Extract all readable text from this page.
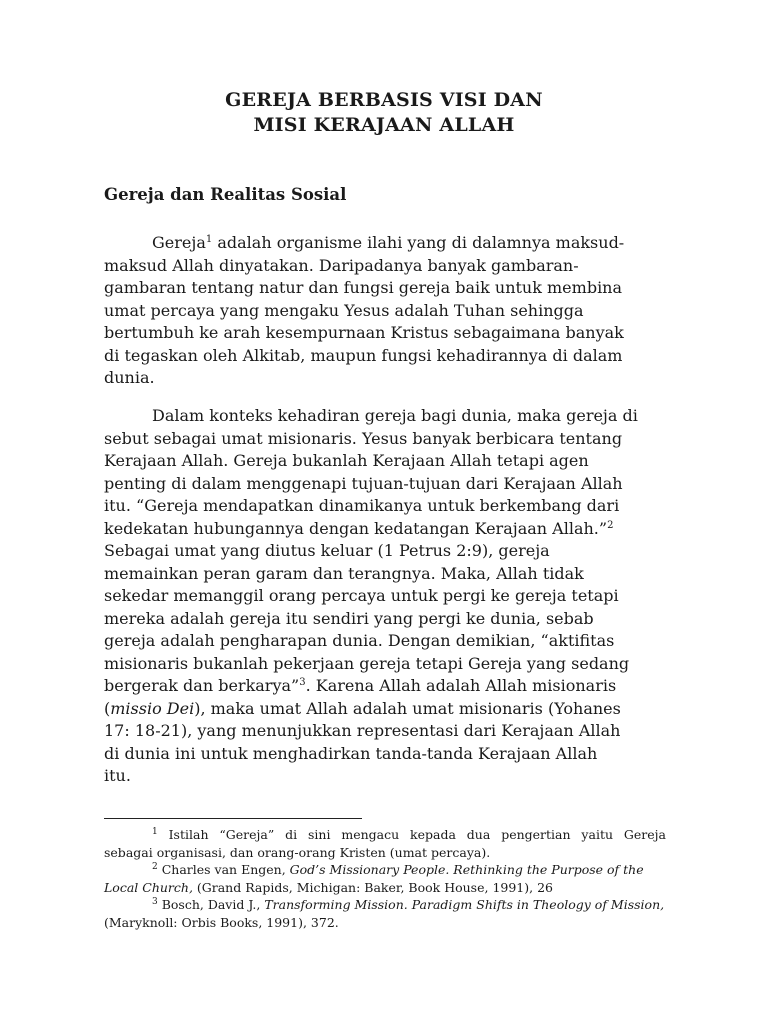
GEREJA BERBASIS VISI DAN
MISI KERAJAAN ALLAH
Gereja dan Realitas Sosial
Gereja$^1$ adalah organisme ilahi yang di dalamnya maksud-
maksud Allah dinyatakan. Daripadanya banyak gambaran-
gambaran tentang natur dan fungsi gereja baik untuk membina
umat percaya yang mengaku Yesus adalah Tuhan sehingga
bertumbuh ke arah kesempurnaan Kristus sebagaimana banyak
di tegaskan oleh Alkitab, maupun fungsi kehadirannya di dalam
dunia.
Dalam konteks kehadiran gereja bagi dunia, maka gereja di
sebut sebagai umat misionaris. Yesus banyak berbicara tentang
Kerajaan Allah. Gereja bukanlah Kerajaan Allah tetapi agen
penting di dalam menggenapi tujuan-tujuan dari Kerajaan Allah
itu. “Gereja mendapatkan dinamikanya untuk berkembang dari
kedekatan hubungannya dengan kedatangan Kerajaan Allah.”$^2$
Sebagai umat yang diutus keluar (1 Petrus 2:9), gereja
memainkan peran garam dan terangnya. Maka, Allah tidak
sekedar memanggil orang percaya untuk pergi ke gereja tetapi
mereka adalah gereja itu sendiri yang pergi ke dunia, sebab
gereja adalah pengharapan dunia. Dengan demikian, “aktifitas
misionaris bukanlah pekerjaan gereja tetapi Gereja yang sedang
bergerak dan berkarya”$^3$. Karena Allah adalah Allah misionaris
(missio Dei), maka umat Allah adalah umat misionaris (Yohanes
17: 18-21), yang menunjukkan representasi dari Kerajaan Allah
di dunia ini untuk menghadirkan tanda-tanda Kerajaan Allah
itu.
$^1$ Istilah “Gereja” di sini mengacu kepada dua pengertian yaitu Gereja
sebagai organisasi, dan orang-orang Kristen (umat percaya).
$^2$ Charles van Engen, God’s Missionary People. Rethinking the Purpose of the
Local Church, (Grand Rapids, Michigan: Baker, Book House, 1991), 26
$^3$ Bosch, David J., Transforming Mission. Paradigm Shifts in Theology of Mission,
(Maryknoll: Orbis Books, 1991), 372.
